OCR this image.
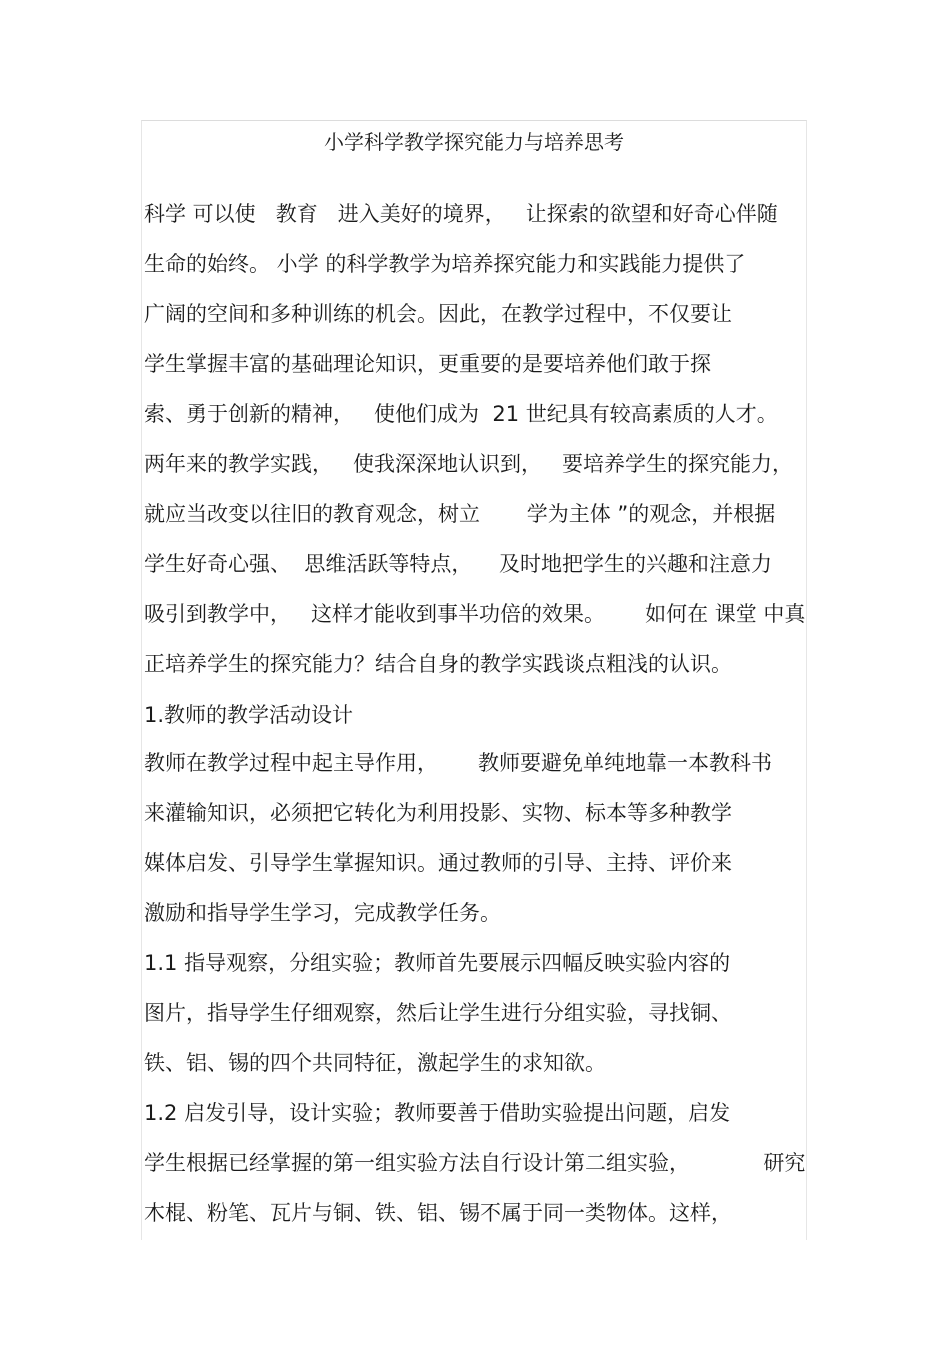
小学科学教学探究能力与培养思考
科学 可以使   教育   进入美好的境界，   让探索的欲望和好奇心伴随
生命的始终。 小学 的科学教学为培养探究能力和实践能力提供了
广阔的空间和多种训练的机会。因此，在教学过程中，不仅要让
学生掌握丰富的基础理论知识，更重要的是要培养他们敢于探
索、勇于创新的精神，   使他们成为  21 世纪具有较高素质的人才。
两年来的教学实践，   使我深深地认识到，   要培养学生的探究能力，
就应当改变以往旧的教育观念，树立       学为主体 ”的观念，并根据
学生好奇心强、  思维活跃等特点，    及时地把学生的兴趣和注意力
吸引到教学中，   这样才能收到事半功倍的效果。      如何在 课堂 中真
正培养学生的探究能力？结合自身的教学实践谈点粗浅的认识。
1.教师的教学活动设计
教师在教学过程中起主导作用，      教师要避免单纯地靠一本教科书
来灌输知识，必须把它转化为利用投影、实物、标本等多种教学
媒体启发、引导学生掌握知识。通过教师的引导、主持、评价来
激励和指导学生学习，完成教学任务。
1.1 指导观察，分组实验；教师首先要展示四幅反映实验内容的
图片，指导学生仔细观察，然后让学生进行分组实验，寻找铜、
铁、铝、锡的四个共同特征，激起学生的求知欲。
1.2 启发引导，设计实验；教师要善于借助实验提出问题，启发
学生根据已经掌握的第一组实验方法自行设计第二组实验，           研究
木棍、粉笔、瓦片与铜、铁、铝、锡不属于同一类物体。这样，
